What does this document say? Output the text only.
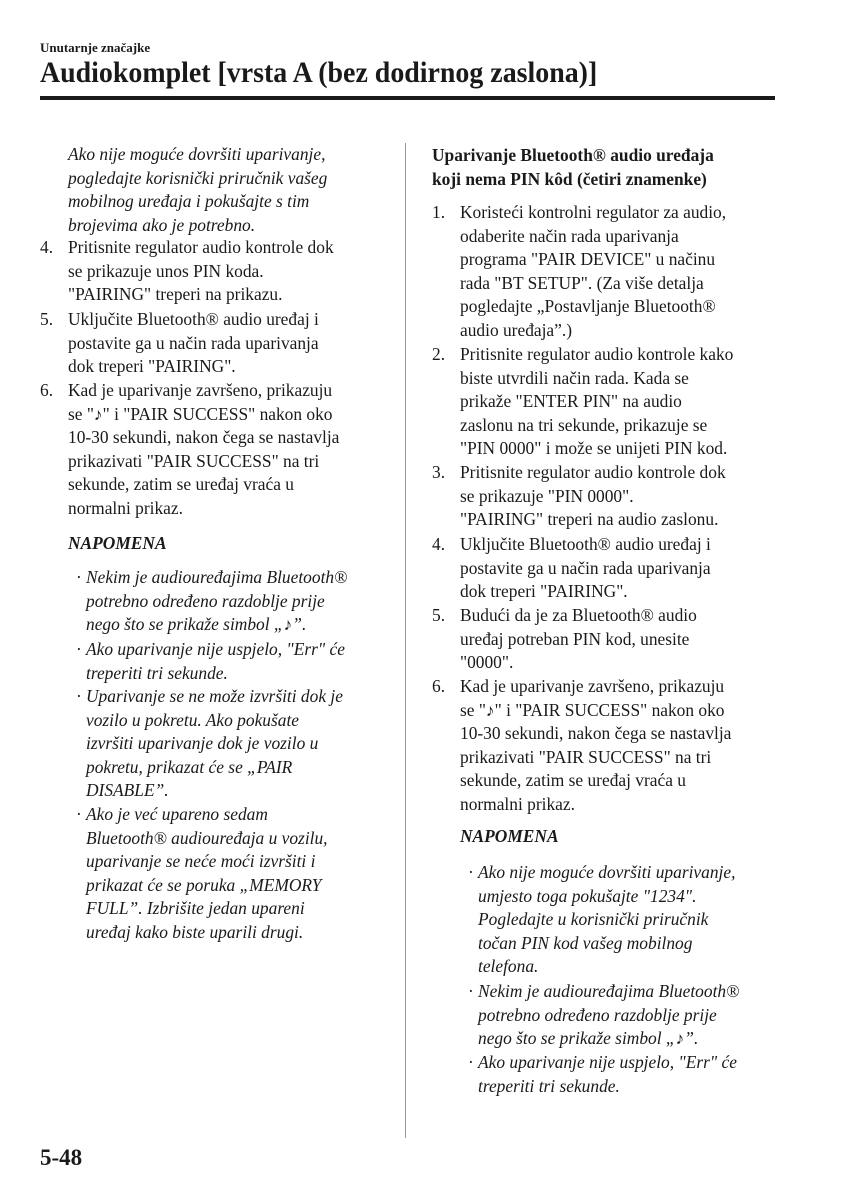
Unutarnje značajke
Audiokomplet [vrsta A (bez dodirnog zaslona)]
Ako nije moguće dovršiti uparivanje,
pogledajte korisnički priručnik vašeg
mobilnog uređaja i pokušajte s tim
brojevima ako je potrebno.
4. Pritisnite regulator audio kontrole dok
se prikazuje unos PIN koda.
"PAIRING" treperi na prikazu.
5. Uključite Bluetooth® audio uređaj i
postavite ga u način rada uparivanja
dok treperi "PAIRING".
6. Kad je uparivanje završeno, prikazuju
se "♪" i "PAIR SUCCESS" nakon oko
10-30 sekundi, nakon čega se nastavlja
prikazivati "PAIR SUCCESS" na tri
sekunde, zatim se uređaj vraća u
normalni prikaz.
NAPOMENA
· Nekim je audiouređajima Bluetooth®
potrebno određeno razdoblje prije
nego što se prikaže simbol „♪”.
· Ako uparivanje nije uspjelo, "Err" će
treperiti tri sekunde.
· Uparivanje se ne može izvršiti dok je
vozilo u pokretu. Ako pokušate
izvršiti uparivanje dok je vozilo u
pokretu, prikazat će se „PAIR
DISABLE”.
· Ako je već upareno sedam
Bluetooth® audiouređaja u vozilu,
uparivanje se neće moći izvršiti i
prikazat će se poruka „MEMORY
FULL”. Izbrišite jedan upareni
uređaj kako biste uparili drugi.
Uparivanje Bluetooth® audio uređaja
koji nema PIN kôd (četiri znamenke)
1. Koristeći kontrolni regulator za audio,
odaberite način rada uparivanja
programa "PAIR DEVICE" u načinu
rada "BT SETUP". (Za više detalja
pogledajte „Postavljanje Bluetooth®
audio uređaja”.)
2. Pritisnite regulator audio kontrole kako
biste utvrdili način rada. Kada se
prikaže "ENTER PIN" na audio
zaslonu na tri sekunde, prikazuje se
"PIN 0000" i može se unijeti PIN kod.
3. Pritisnite regulator audio kontrole dok
se prikazuje "PIN 0000".
"PAIRING" treperi na audio zaslonu.
4. Uključite Bluetooth® audio uređaj i
postavite ga u način rada uparivanja
dok treperi "PAIRING".
5. Budući da je za Bluetooth® audio
uređaj potreban PIN kod, unesite
"0000".
6. Kad je uparivanje završeno, prikazuju
se "♪" i "PAIR SUCCESS" nakon oko
10-30 sekundi, nakon čega se nastavlja
prikazivati "PAIR SUCCESS" na tri
sekunde, zatim se uređaj vraća u
normalni prikaz.
NAPOMENA
· Ako nije moguće dovršiti uparivanje,
umjesto toga pokušajte "1234".
Pogledajte u korisnički priručnik
točan PIN kod vašeg mobilnog
telefona.
· Nekim je audiouređajima Bluetooth®
potrebno određeno razdoblje prije
nego što se prikaže simbol „♪”.
· Ako uparivanje nije uspjelo, "Err" će
treperiti tri sekunde.
5-48
